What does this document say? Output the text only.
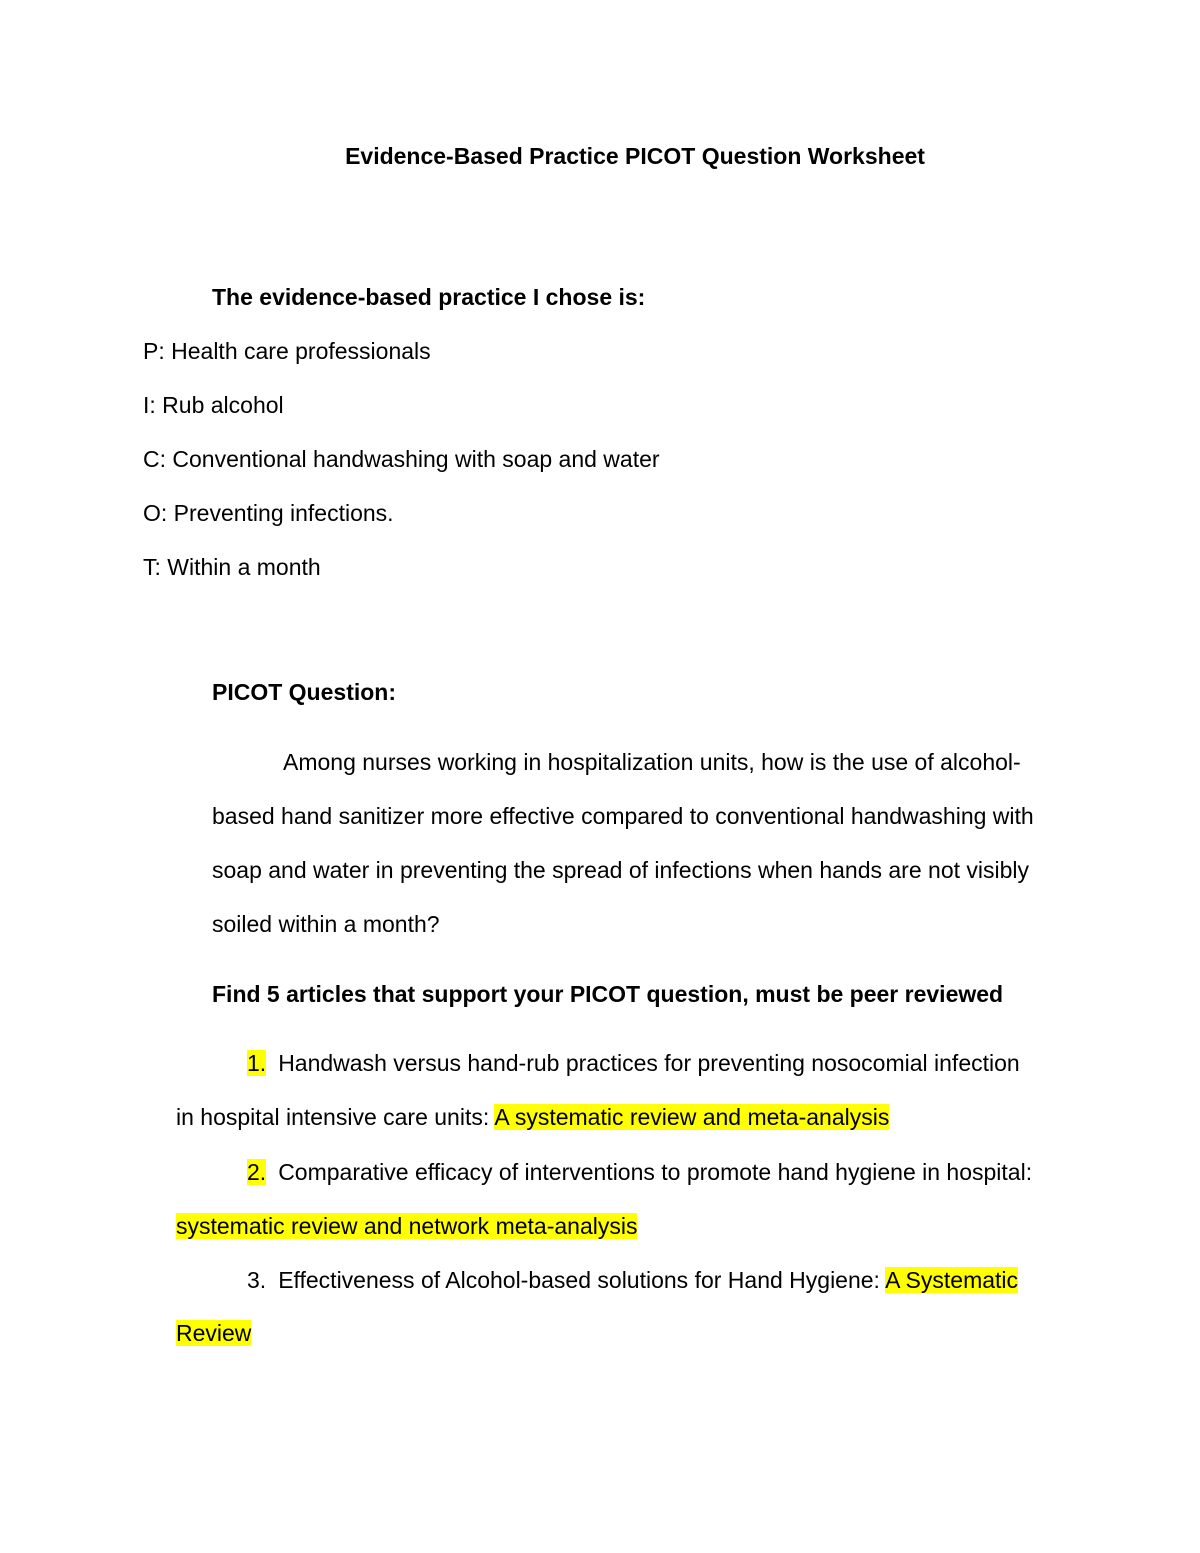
Evidence-Based Practice PICOT Question Worksheet
The evidence-based practice I chose is:
P: Health care professionals
I: Rub alcohol
C: Conventional handwashing with soap and water
O: Preventing infections.
T: Within a month
PICOT Question:
Among nurses working in hospitalization units, how is the use of alcohol-
based hand sanitizer more effective compared to conventional handwashing with
soap and water in preventing the spread of infections when hands are not visibly
soiled within a month?
Find 5 articles that support your PICOT question, must be peer reviewed
1. Handwash versus hand-rub practices for preventing nosocomial infection
in hospital intensive care units: A systematic review and meta-analysis
2. Comparative efficacy of interventions to promote hand hygiene in hospital:
systematic review and network meta-analysis
3. Effectiveness of Alcohol-based solutions for Hand Hygiene: A Systematic
Review
